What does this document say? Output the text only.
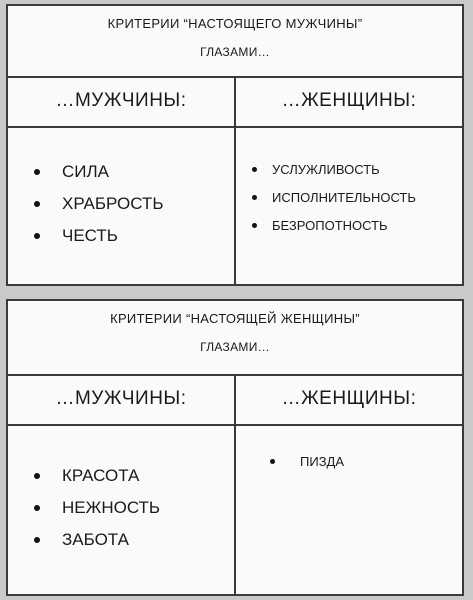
КРИТЕРИИ “НАСТОЯЩЕГО МУЖЧИНЫ”
ГЛАЗАМИ…
…МУЖЧИНЫ:	…ЖЕНЩИНЫ:
СИЛА
ХРАБРОСТЬ
ЧЕСТЬ
УСЛУЖЛИВОСТЬ
ИСПОЛНИТЕЛЬНОСТЬ
БЕЗРОПОТНОСТЬ
КРИТЕРИИ “НАСТОЯЩЕЙ ЖЕНЩИНЫ”
ГЛАЗАМИ…
…МУЖЧИНЫ:	…ЖЕНЩИНЫ:
КРАСОТА
НЕЖНОСТЬ
ЗАБОТА
ПИЗДА
